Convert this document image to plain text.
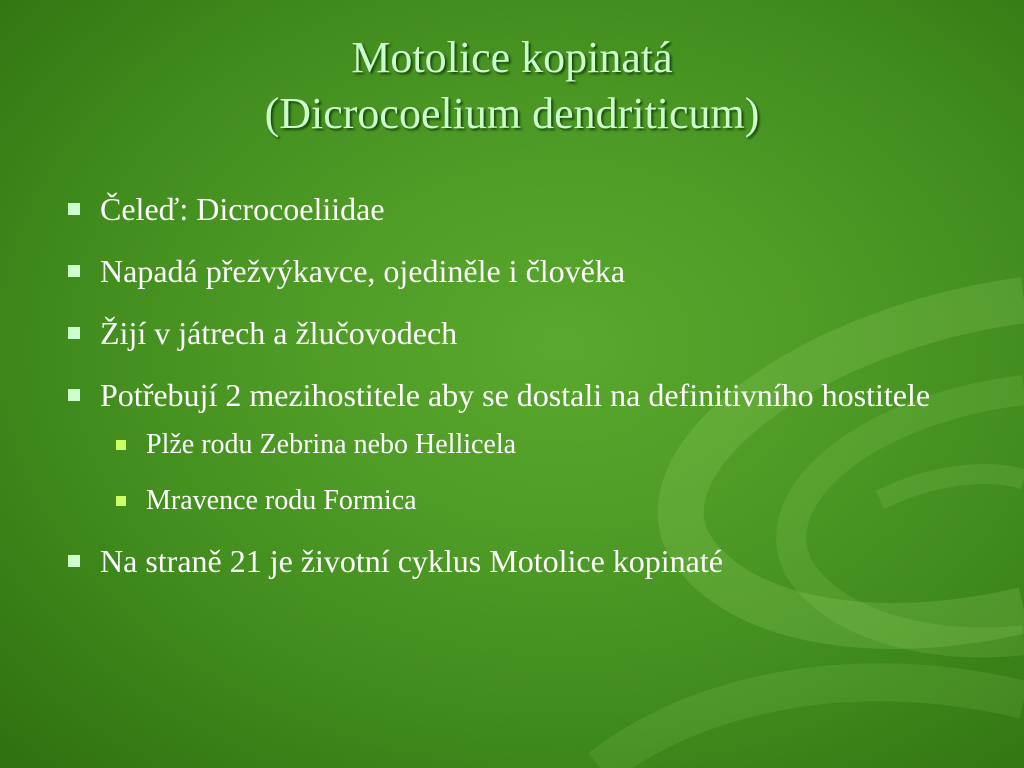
Motolice kopinatá
(Dicrocoelium dendriticum)
Čeleď: Dicrocoeliidae
Napadá přežvýkavce, ojediněle i člověka
Žijí v játrech a žlučovodech
Potřebují 2 mezihostitele aby se dostali na definitivního hostitele
Plže rodu Zebrina nebo Hellicela
Mravence rodu Formica
Na straně 21 je životní cyklus Motolice kopinaté
